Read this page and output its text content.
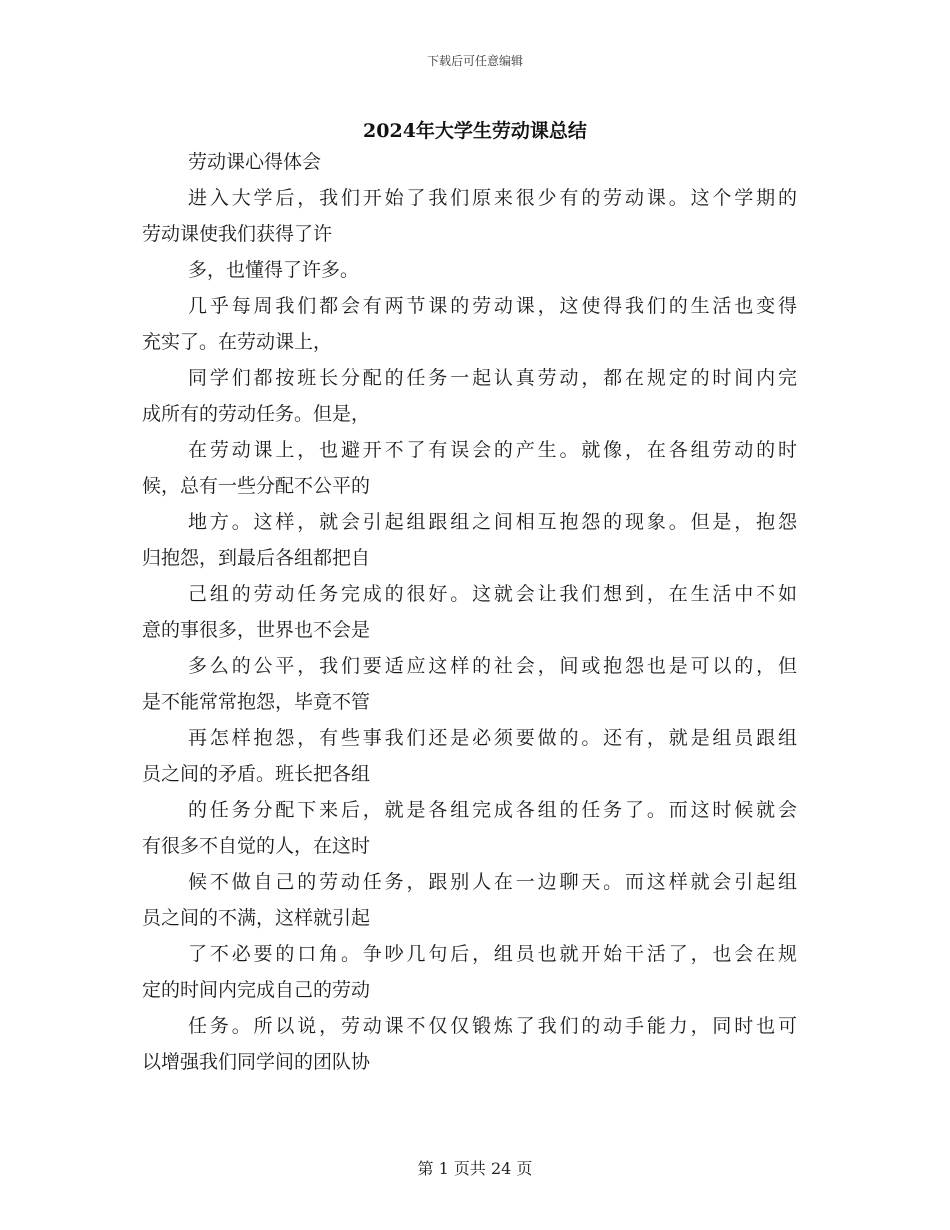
下载后可任意编辑
2024年大学生劳动课总结
劳动课心得体会
进入大学后，我们开始了我们原来很少有的劳动课。这个学期的
劳动课使我们获得了许
多，也懂得了许多。
几乎每周我们都会有两节课的劳动课，这使得我们的生活也变得
充实了。在劳动课上，
同学们都按班长分配的任务一起认真劳动，都在规定的时间内完
成所有的劳动任务。但是，
在劳动课上，也避开不了有误会的产生。就像，在各组劳动的时
候，总有一些分配不公平的
地方。这样，就会引起组跟组之间相互抱怨的现象。但是，抱怨
归抱怨，到最后各组都把自
己组的劳动任务完成的很好。这就会让我们想到，在生活中不如
意的事很多，世界也不会是
多么的公平，我们要适应这样的社会，间或抱怨也是可以的，但
是不能常常抱怨，毕竟不管
再怎样抱怨，有些事我们还是必须要做的。还有，就是组员跟组
员之间的矛盾。班长把各组
的任务分配下来后，就是各组完成各组的任务了。而这时候就会
有很多不自觉的人，在这时
候不做自己的劳动任务，跟别人在一边聊天。而这样就会引起组
员之间的不满，这样就引起
了不必要的口角。争吵几句后，组员也就开始干活了，也会在规
定的时间内完成自己的劳动
任务。所以说，劳动课不仅仅锻炼了我们的动手能力，同时也可
以增强我们同学间的团队协
第 1 页共 24 页
